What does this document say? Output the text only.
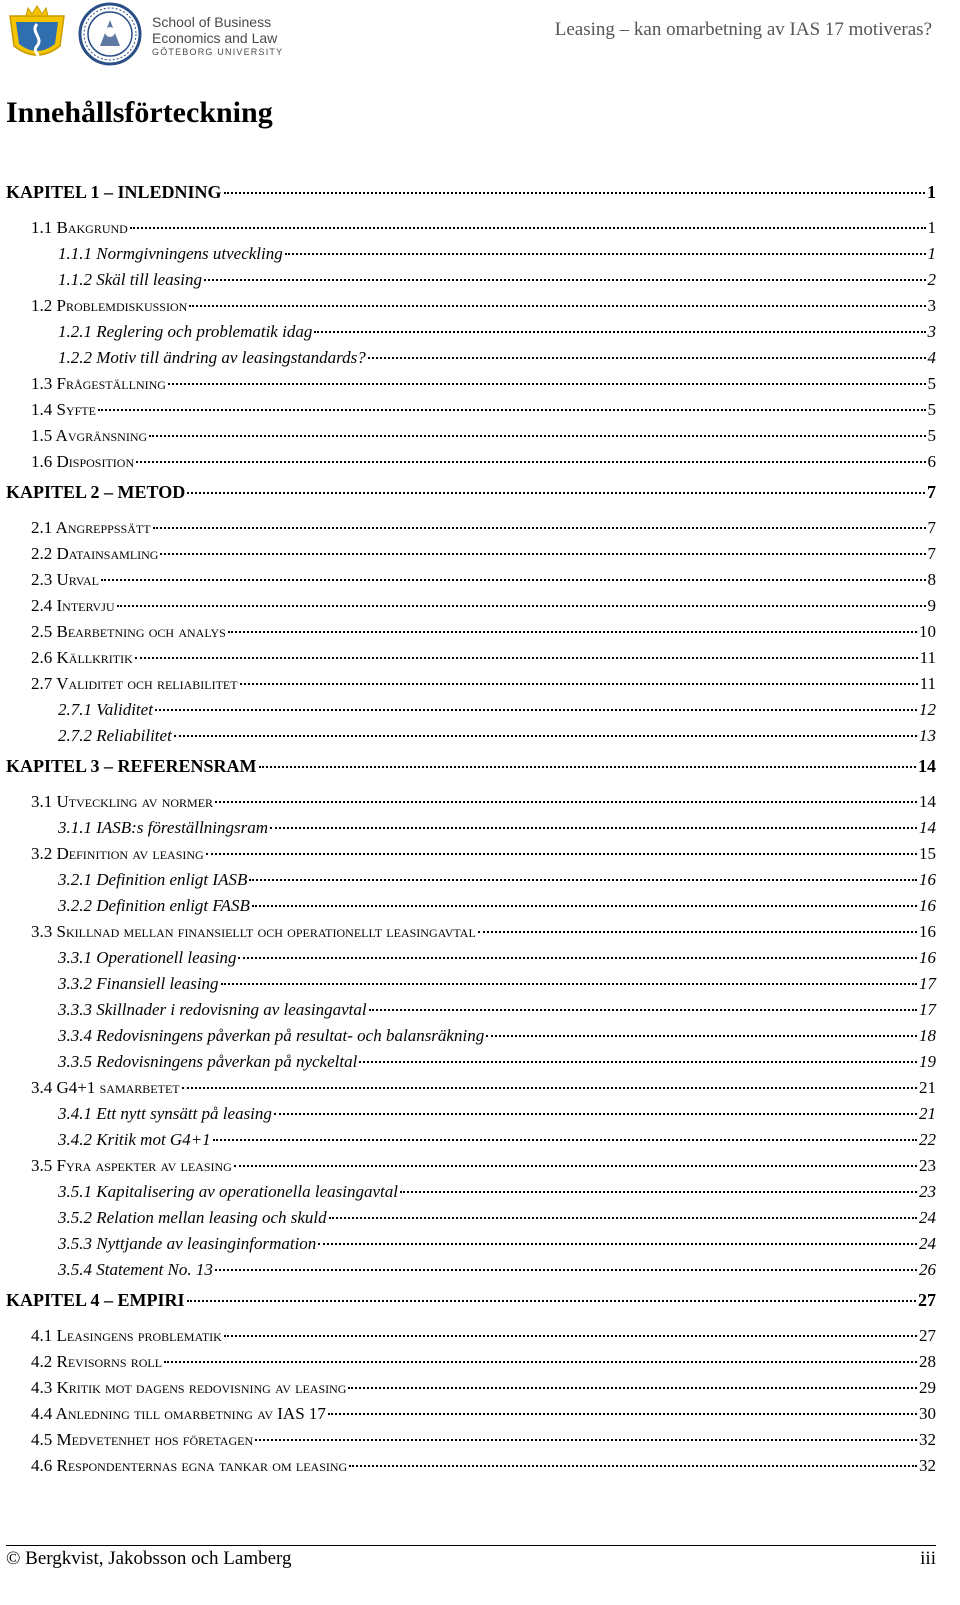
School of Business
Economics and Law
GÖTEBORG UNIVERSITY
Leasing – kan omarbetning av IAS 17 motiveras?
Innehållsförteckning
KAPITEL 1 – INLEDNING	1
1.1 Bakgrund	1
1.1.1 Normgivningens utveckling	1
1.1.2 Skäl till leasing	2
1.2 Problemdiskussion	3
1.2.1 Reglering och problematik idag	3
1.2.2 Motiv till ändring av leasingstandards?	4
1.3 Frågeställning	5
1.4 Syfte	5
1.5 Avgränsning	5
1.6 Disposition	6
KAPITEL 2 – METOD	7
2.1 Angreppssätt	7
2.2 Datainsamling	7
2.3 Urval	8
2.4 Intervju	9
2.5 Bearbetning och analys	10
2.6 Källkritik	11
2.7 Validitet och reliabilitet	11
2.7.1 Validitet	12
2.7.2 Reliabilitet	13
KAPITEL 3 – REFERENSRAM	14
3.1 Utveckling av normer	14
3.1.1 IASB:s föreställningsram	14
3.2 Definition av leasing	15
3.2.1 Definition enligt IASB	16
3.2.2 Definition enligt FASB	16
3.3 Skillnad mellan finansiellt och operationellt leasingavtal	16
3.3.1 Operationell leasing	16
3.3.2 Finansiell leasing	17
3.3.3 Skillnader i redovisning av leasingavtal	17
3.3.4 Redovisningens påverkan på resultat- och balansräkning	18
3.3.5 Redovisningens påverkan på nyckeltal	19
3.4 G4+1 samarbetet	21
3.4.1 Ett nytt synsätt på leasing	21
3.4.2 Kritik mot G4+1	22
3.5 Fyra aspekter av leasing	23
3.5.1 Kapitalisering av operationella leasingavtal	23
3.5.2 Relation mellan leasing och skuld	24
3.5.3 Nyttjande av leasinginformation	24
3.5.4 Statement No. 13	26
KAPITEL 4 – EMPIRI	27
4.1 Leasingens problematik	27
4.2 Revisorns roll	28
4.3 Kritik mot dagens redovisning av leasing	29
4.4 Anledning till omarbetning av IAS 17	30
4.5 Medvetenhet hos företagen	32
4.6 Respondenternas egna tankar om leasing	32
© Bergkvist, Jakobsson och Lamberg	iii
